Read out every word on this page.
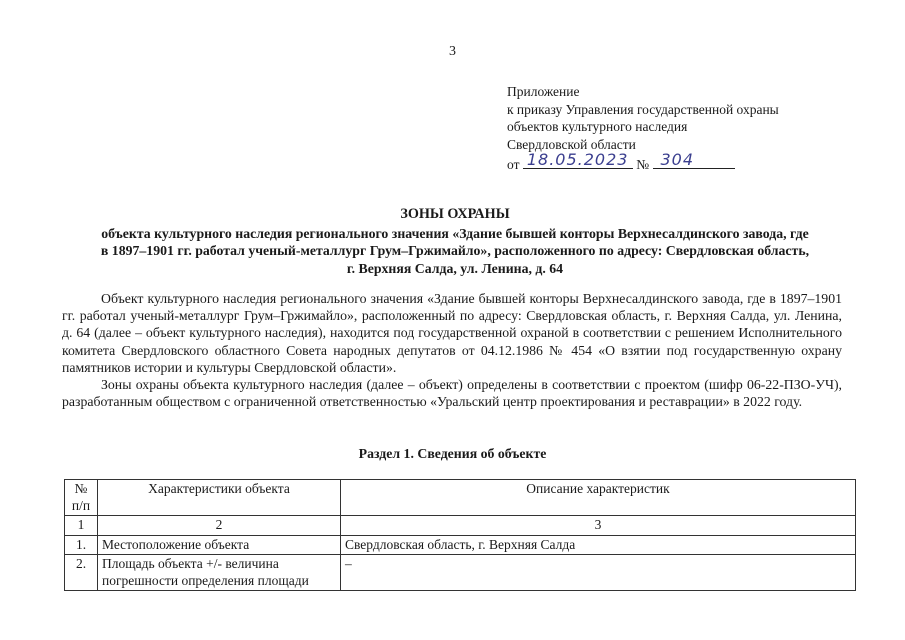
3
Приложение
к приказу Управления государственной охраны
объектов культурного наследия
Свердловской области
от 18.05.2023 № 304
ЗОНЫ ОХРАНЫ
объекта культурного наследия регионального значения «Здание бывшей конторы Верхнесалдинского завода, где
в 1897–1901 гг. работал ученый-металлург Грум–Гржимайло», расположенного по адресу: Свердловская область,
г. Верхняя Салда, ул. Ленина, д. 64

Объект культурного наследия регионального значения «Здание бывшей конторы Верхнесалдинского завода, где в 1897–1901 гг. работал ученый-металлург Грум–Гржимайло», расположенный по адресу: Свердловская область, г. Верхняя Салда, ул. Ленина, д. 64 (далее – объект культурного наследия), находится под государственной охраной в соответствии с решением Исполнительного комитета Свердловского областного Совета народных депутатов от 04.12.1986 № 454 «О взятии под государственную охрану памятников истории и культуры Свердловской области».

Зоны охраны объекта культурного наследия (далее – объект) определены в соответствии с проектом (шифр 06-22-ПЗО-УЧ), разработанным обществом с ограниченной ответственностью «Уральский центр проектирования и реставрации» в 2022 году.

Раздел 1. Сведения об объекте
№ п/п	Характеристики объекта	Описание характеристик
1	2	3
1.	Местоположение объекта	Свердловская область, г. Верхняя Салда
2.	Площадь объекта +/- величина погрешности определения площади	–
